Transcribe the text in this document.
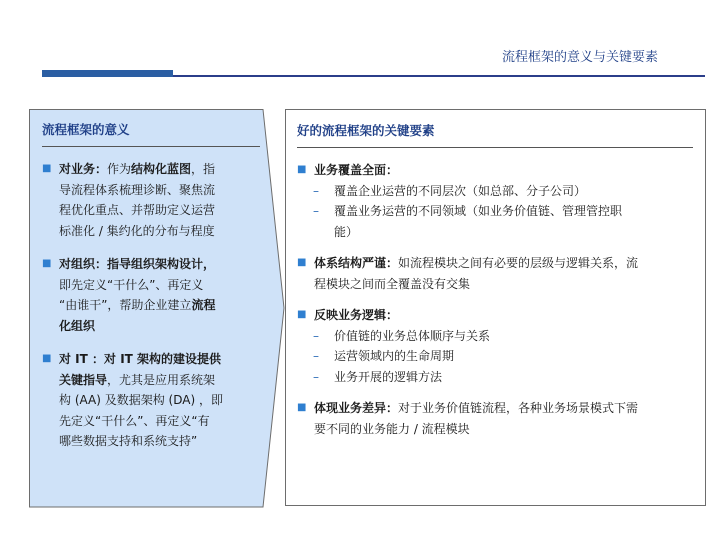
流程框架的意义与关键要素
流程框架的意义
■ 对业务：作为结构化蓝图，指
导流程体系梳理诊断、聚焦流
程优化重点、并帮助定义运营
标准化 / 集约化的分布与程度
■ 对组织：指导组织架构设计，
即先定义“干什么”、再定义
“由谁干”，帮助企业建立流程
化组织
■ 对 IT ：对 IT 架构的建设提供
关键指导，尤其是应用系统架
构 (AA) 及数据架构 (DA) ，即
先定义“干什么”、再定义“有
哪些数据支持和系统支持”
好的流程框架的关键要素
■ 业务覆盖全面：
– 覆盖企业运营的不同层次（如总部、分子公司）
– 覆盖业务运营的不同领域（如业务价值链、管理管控职
能）
■ 体系结构严谨：如流程模块之间有必要的层级与逻辑关系，流
程模块之间而全覆盖没有交集
■ 反映业务逻辑：
– 价值链的业务总体顺序与关系
– 运营领域内的生命周期
– 业务开展的逻辑方法
■ 体现业务差异：对于业务价值链流程，各种业务场景模式下需
要不同的业务能力 / 流程模块
